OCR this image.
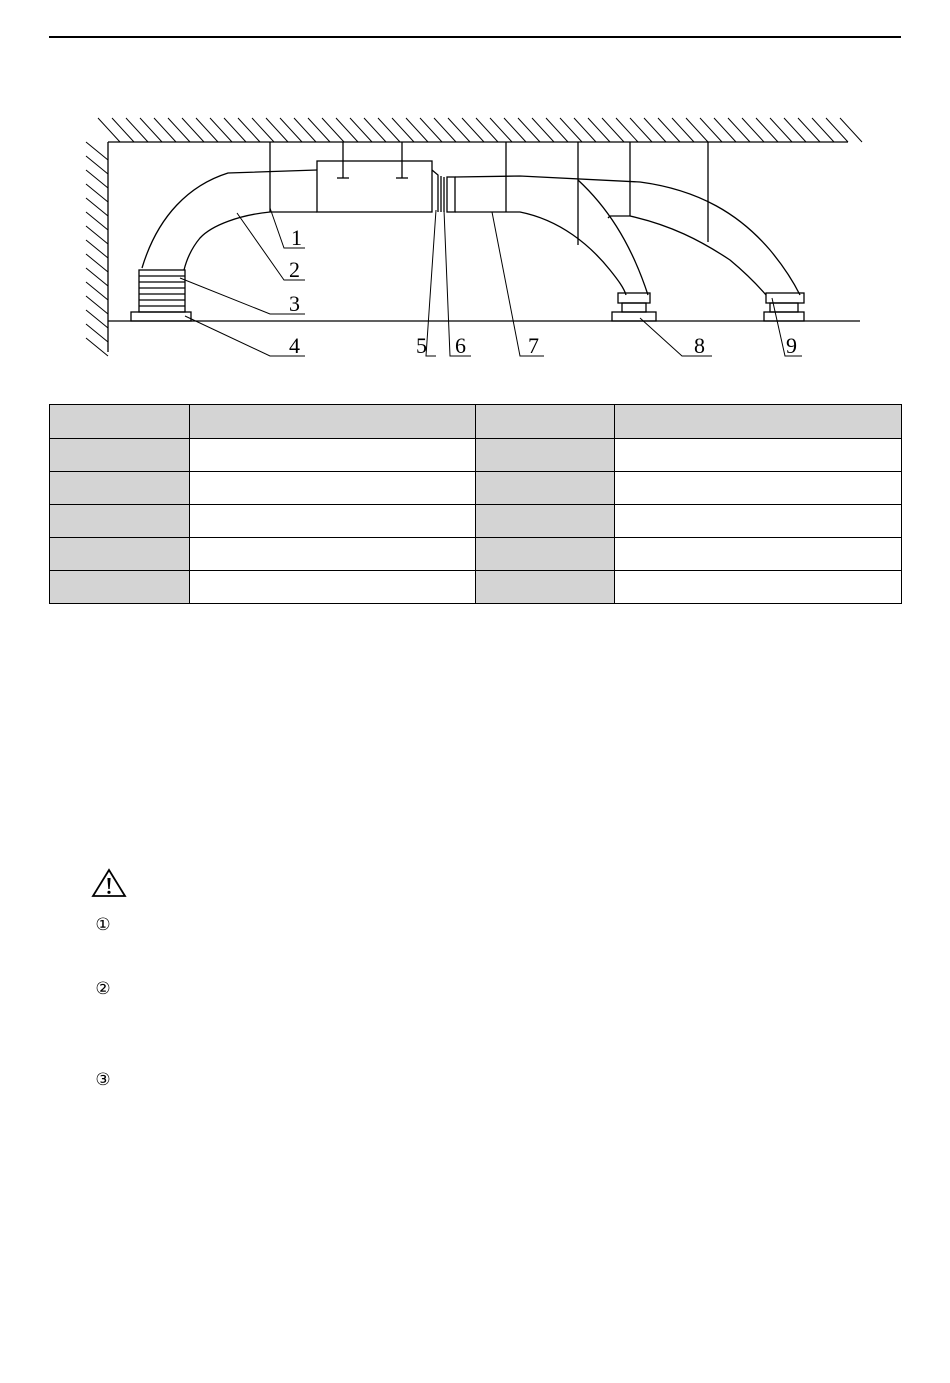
1
2
3
4	5 6	7	8	9

①
②
③
